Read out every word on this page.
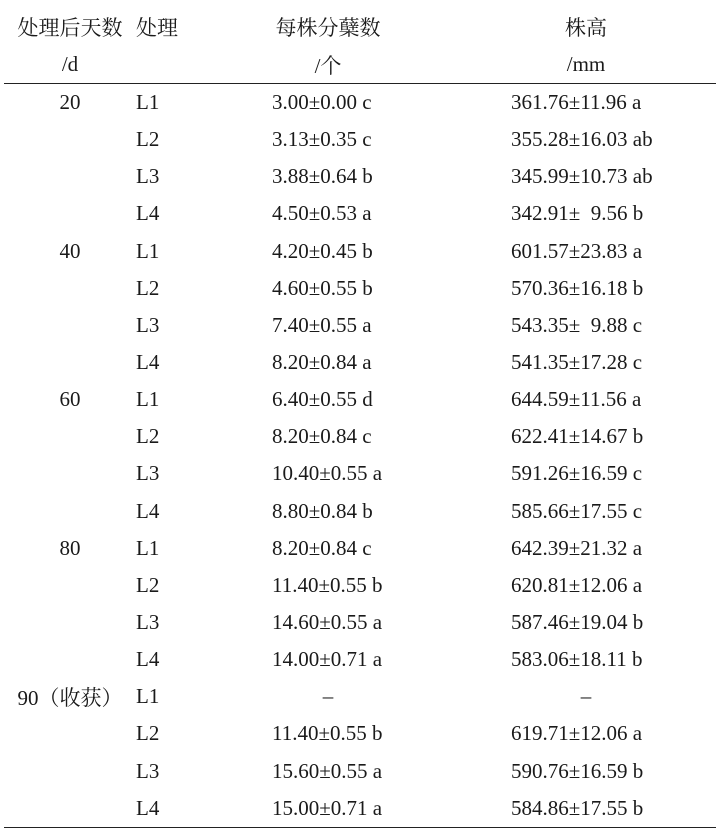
处理后天数	处理	每株分蘖数	株高
/d		/个	/mm
20	L1	3.00±0.00 c	361.76±11.96 a
	L2	3.13±0.35 c	355.28±16.03 ab
	L3	3.88±0.64 b	345.99±10.73 ab
	L4	4.50±0.53 a	342.91±  9.56 b
40	L1	4.20±0.45 b	601.57±23.83 a
	L2	4.60±0.55 b	570.36±16.18 b
	L3	7.40±0.55 a	543.35±  9.88 c
	L4	8.20±0.84 a	541.35±17.28 c
60	L1	6.40±0.55 d	644.59±11.56 a
	L2	8.20±0.84 c	622.41±14.67 b
	L3	10.40±0.55 a	591.26±16.59 c
	L4	8.80±0.84 b	585.66±17.55 c
80	L1	8.20±0.84 c	642.39±21.32 a
	L2	11.40±0.55 b	620.81±12.06 a
	L3	14.60±0.55 a	587.46±19.04 b
	L4	14.00±0.71 a	583.06±18.11 b
90（收获）	L1	–	–
	L2	11.40±0.55 b	619.71±12.06 a
	L3	15.60±0.55 a	590.76±16.59 b
	L4	15.00±0.71 a	584.86±17.55 b
